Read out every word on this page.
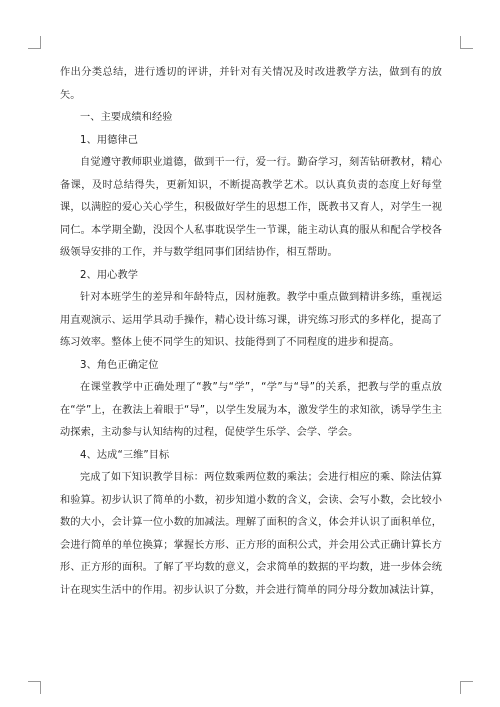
作出分类总结，进行透切的评讲，并针对有关情况及时改进教学方法，做到有的放矢。

一、主要成绩和经验

1、用德律己

自觉遵守教师职业道德，做到干一行，爱一行。勤奋学习，刻苦钻研教材，精心备课，及时总结得失，更新知识，不断提高教学艺术。以认真负责的态度上好每堂课，以满腔的爱心关心学生，积极做好学生的思想工作，既教书又育人，对学生一视同仁。本学期全勤，没因个人私事耽误学生一节课，能主动认真的服从和配合学校各级领导安排的工作，并与数学组同事们团结协作，相互帮助。

2、用心教学

针对本班学生的差异和年龄特点，因材施教。教学中重点做到精讲多练，重视运用直观演示、运用学具动手操作，精心设计练习课，讲究练习形式的多样化，提高了练习效率。整体上使不同学生的知识、技能得到了不同程度的进步和提高。

3、角色正确定位

在课堂教学中正确处理了“教”与“学”，“学”与“导”的关系，把教与学的重点放在“学”上，在教法上着眼于“导”，以学生发展为本，激发学生的求知欲，诱导学生主动探索，主动参与认知结构的过程，促使学生乐学、会学、学会。

4、达成“三维”目标

完成了如下知识教学目标：两位数乘两位数的乘法；会进行相应的乘、除法估算和验算。初步认识了简单的小数，初步知道小数的含义，会读、会写小数，会比较小数的大小，会计算一位小数的加减法。理解了面积的含义，体会并认识了面积单位，会进行简单的单位换算；掌握长方形、正方形的面积公式，并会用公式正确计算长方形、正方形的面积。了解了平均数的意义，会求简单的数据的平均数，进一步体会统计在现实生活中的作用。初步认识了分数，并会进行简单的同分母分数加减法计算，
